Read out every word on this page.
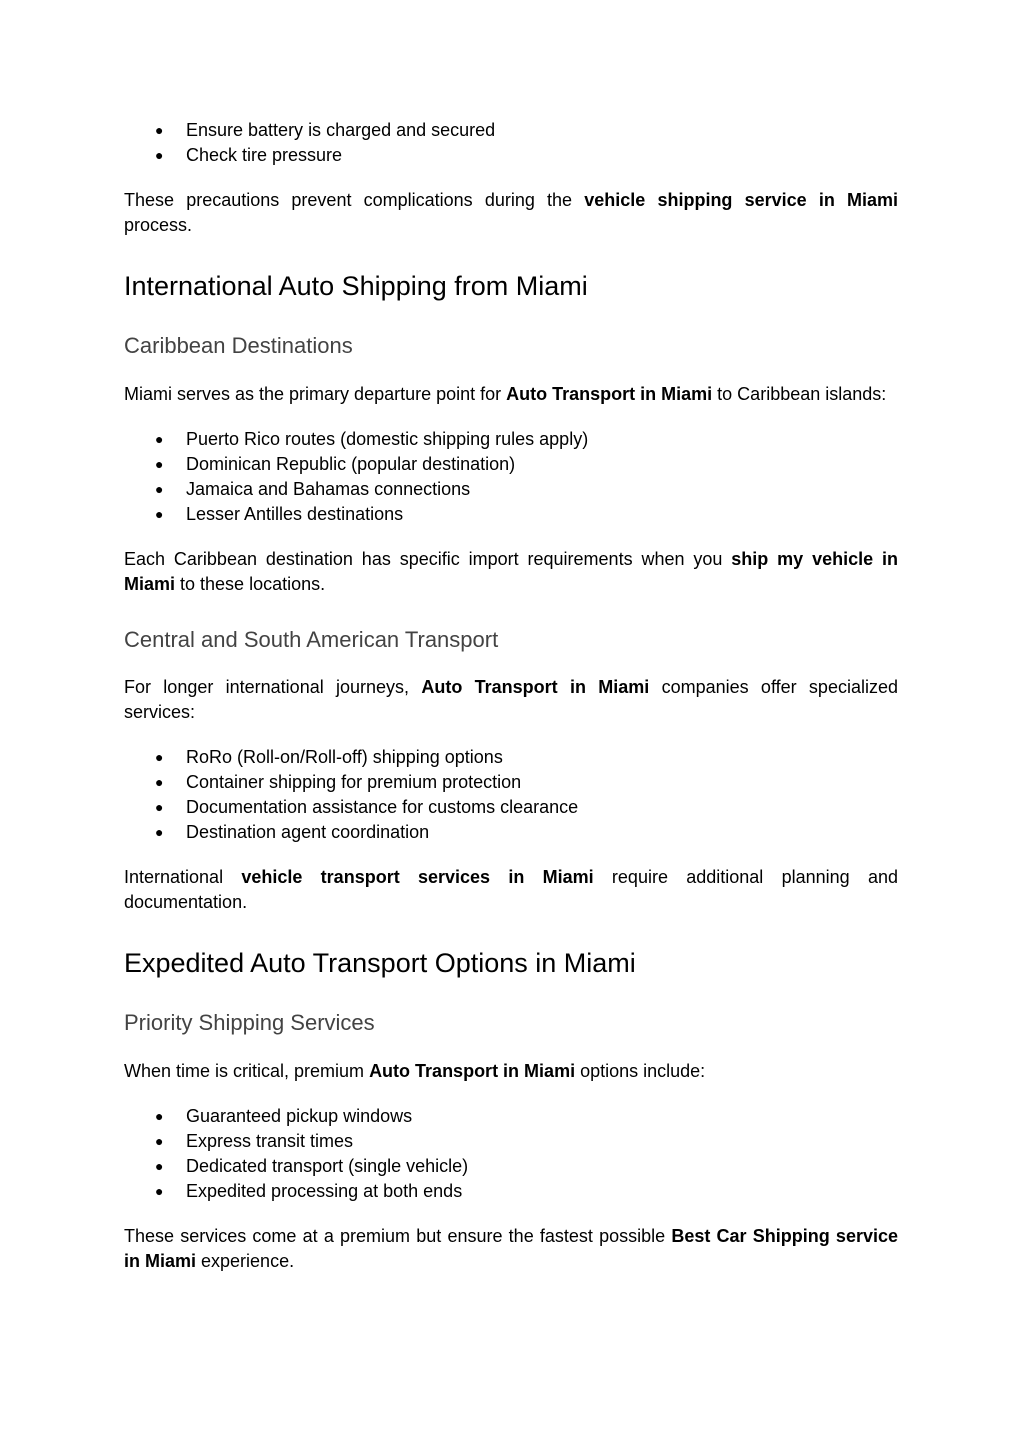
● Ensure battery is charged and secured
● Check tire pressure

These precautions prevent complications during the vehicle shipping service in Miami process.

International Auto Shipping from Miami
Caribbean Destinations

Miami serves as the primary departure point for Auto Transport in Miami to Caribbean islands:

● Puerto Rico routes (domestic shipping rules apply)
● Dominican Republic (popular destination)
● Jamaica and Bahamas connections
● Lesser Antilles destinations

Each Caribbean destination has specific import requirements when you ship my vehicle in Miami to these locations.

Central and South American Transport

For longer international journeys, Auto Transport in Miami companies offer specialized services:

● RoRo (Roll-on/Roll-off) shipping options
● Container shipping for premium protection
● Documentation assistance for customs clearance
● Destination agent coordination

International vehicle transport services in Miami require additional planning and documentation.

Expedited Auto Transport Options in Miami
Priority Shipping Services

When time is critical, premium Auto Transport in Miami options include:

● Guaranteed pickup windows
● Express transit times
● Dedicated transport (single vehicle)
● Expedited processing at both ends

These services come at a premium but ensure the fastest possible Best Car Shipping service in Miami experience.
